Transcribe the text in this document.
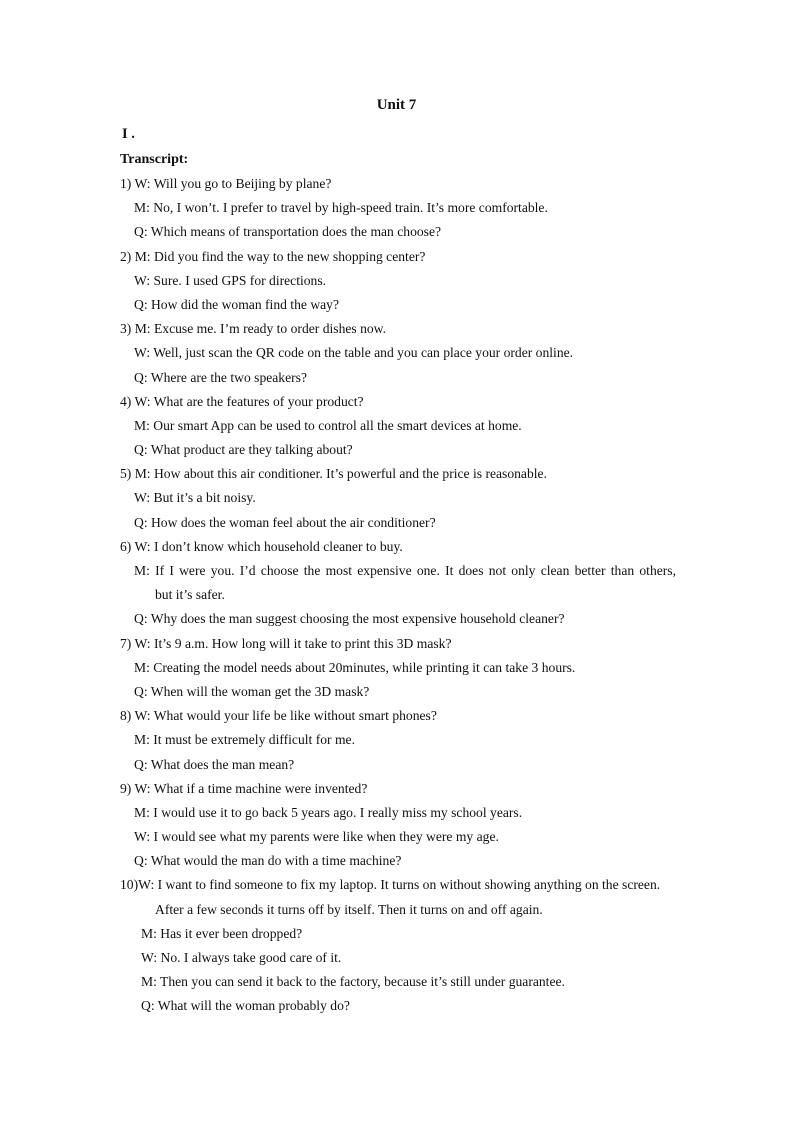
Unit 7
I .
Transcript:
1) W: Will you go to Beijing by plane?
M: No, I won’t. I prefer to travel by high-speed train. It’s more comfortable.
Q: Which means of transportation does the man choose?
2) M: Did you find the way to the new shopping center?
W: Sure. I used GPS for directions.
Q: How did the woman find the way?
3) M: Excuse me. I’m ready to order dishes now.
W: Well, just scan the QR code on the table and you can place your order online.
Q: Where are the two speakers?
4) W: What are the features of your product?
M: Our smart App can be used to control all the smart devices at home.
Q: What product are they talking about?
5) M: How about this air conditioner. It’s powerful and the price is reasonable.
W: But it’s a bit noisy.
Q: How does the woman feel about the air conditioner?
6) W: I don’t know which household cleaner to buy.
M: If I were you. I’d choose the most expensive one. It does not only clean better than others,
but it’s safer.
Q: Why does the man suggest choosing the most expensive household cleaner?
7) W: It’s 9 a.m. How long will it take to print this 3D mask?
M: Creating the model needs about 20minutes, while printing it can take 3 hours.
Q: When will the woman get the 3D mask?
8) W: What would your life be like without smart phones?
M: It must be extremely difficult for me.
Q: What does the man mean?
9) W: What if a time machine were invented?
M: I would use it to go back 5 years ago. I really miss my school years.
W: I would see what my parents were like when they were my age.
Q: What would the man do with a time machine?
10)W: I want to find someone to fix my laptop. It turns on without showing anything on the screen.
After a few seconds it turns off by itself. Then it turns on and off again.
M: Has it ever been dropped?
W: No. I always take good care of it.
M: Then you can send it back to the factory, because it’s still under guarantee.
Q: What will the woman probably do?
